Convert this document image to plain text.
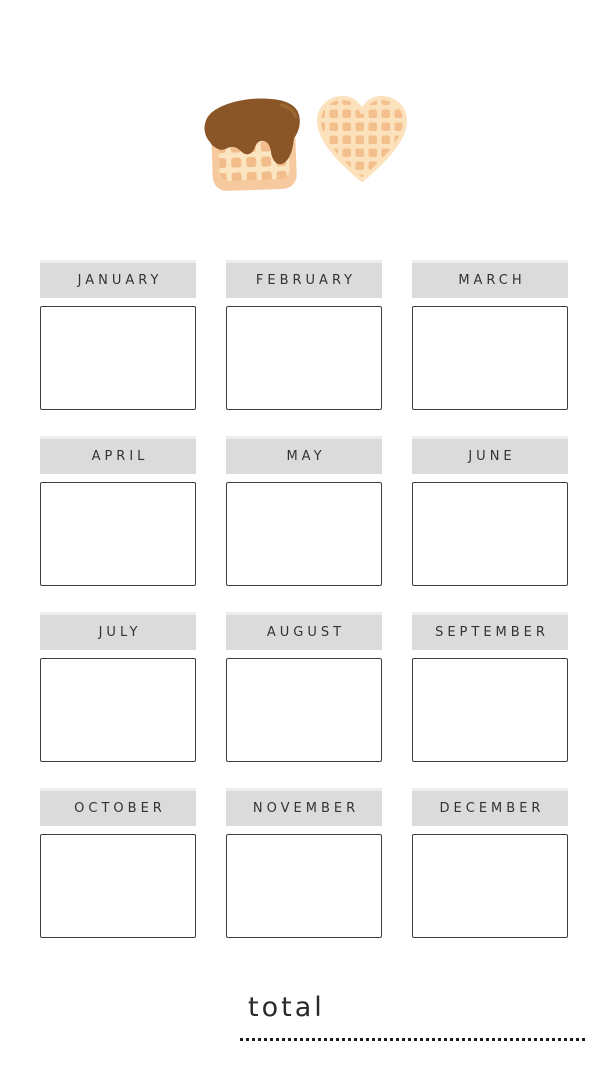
JANUARY	FEBRUARY	MARCH
APRIL	MAY	JUNE
JULY	AUGUST	SEPTEMBER
OCTOBER	NOVEMBER	DECEMBER
total
